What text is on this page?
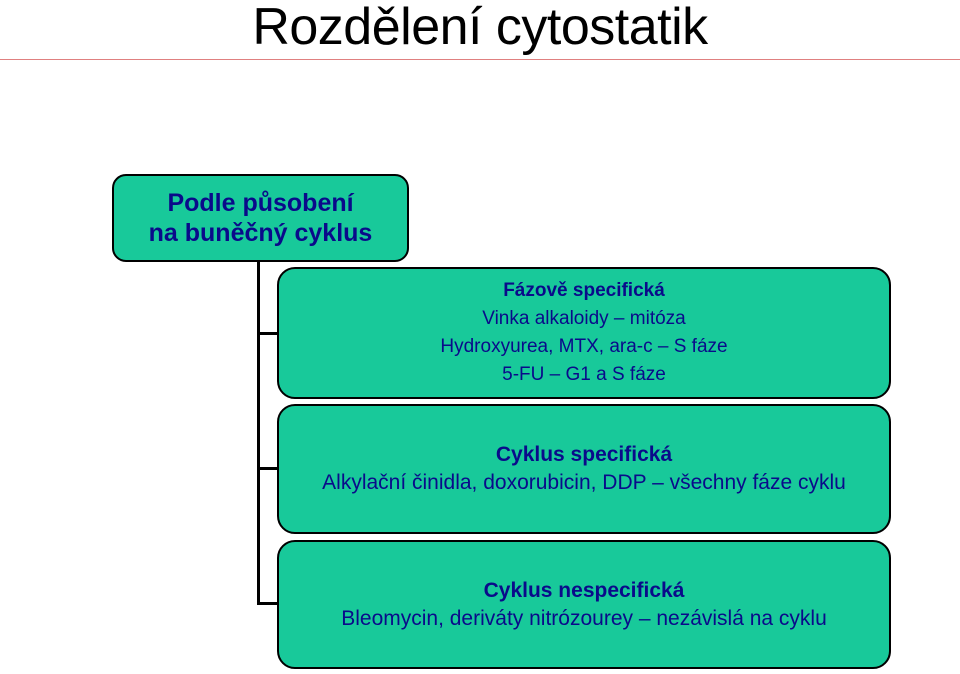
Rozdělení cytostatik
Podle působení
na buněčný cyklus
Fázově specifická
Vinka alkaloidy – mitóza
Hydroxyurea, MTX, ara-c – S fáze
5-FU – G1 a S fáze
Cyklus specifická
Alkylační činidla, doxorubicin, DDP – všechny fáze cyklu
Cyklus nespecifická
Bleomycin, deriváty nitrózourey – nezávislá na cyklu
